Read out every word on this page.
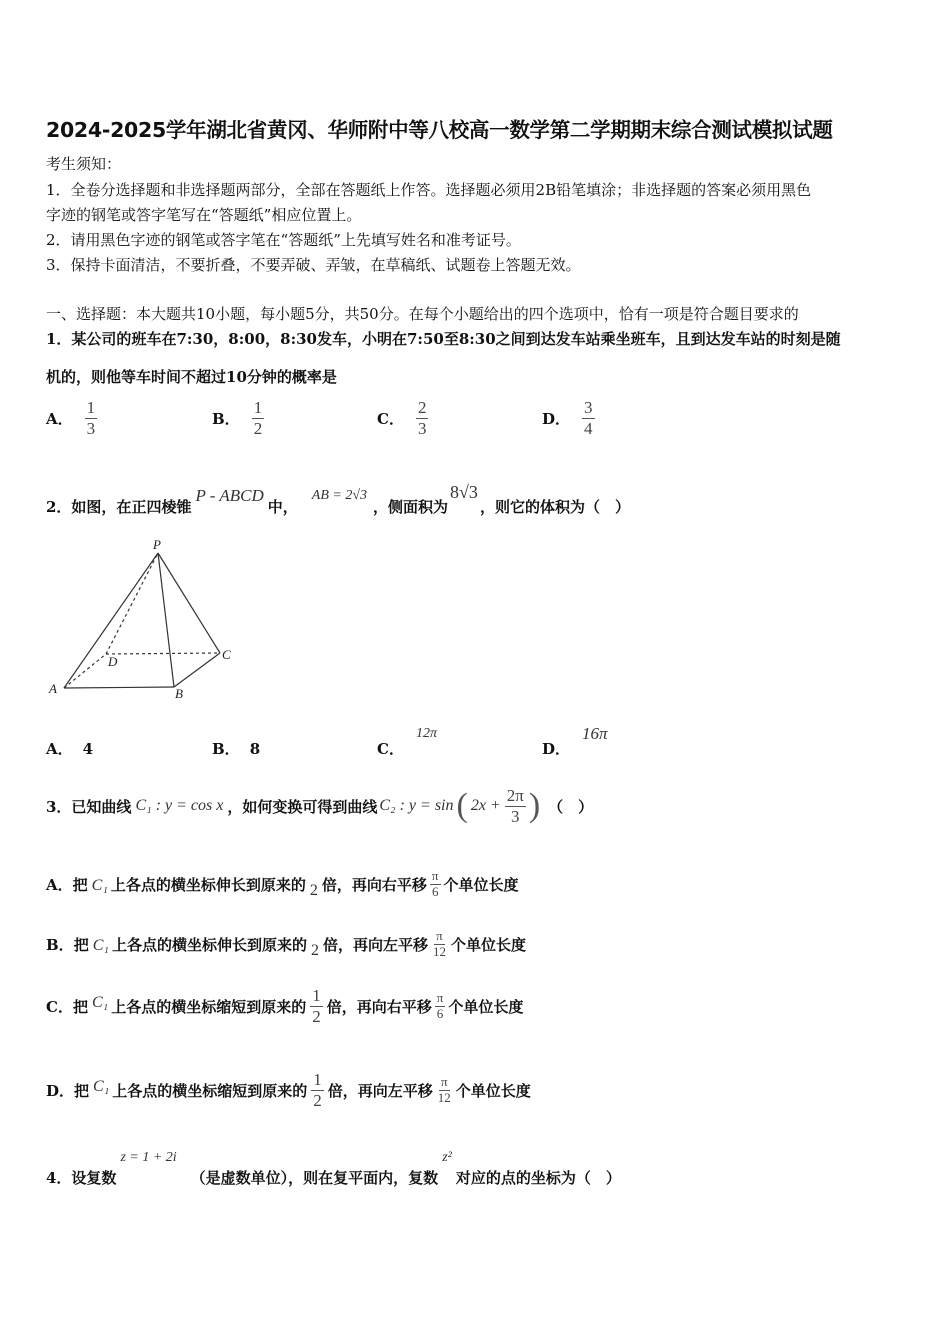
2024-2025学年湖北省黄冈、华师附中等八校高一数学第二学期期末综合测试模拟试题
考生须知：
1．全卷分选择题和非选择题两部分，全部在答题纸上作答。选择题必须用2B铅笔填涂；非选择题的答案必须用黑色
字迹的钢笔或答字笔写在“答题纸”相应位置上。
2．请用黑色字迹的钢笔或答字笔在“答题纸”上先填写姓名和准考证号。
3．保持卡面清洁，不要折叠，不要弄破、弄皱，在草稿纸、试题卷上答题无效。
一、选择题：本大题共10小题，每小题5分，共50分。在每个小题给出的四个选项中，恰有一项是符合题目要求的
1．某公司的班车在7:30，8:00，8:30发车，小明在7:50至8:30之间到达发车站乘坐班车，且到达发车站的时刻是随
机的，则他等车时间不超过10分钟的概率是
A． $\frac{1}{3}$	B． $\frac{1}{2}$	C． $\frac{2}{3}$	D． $\frac{3}{4}$
2．如图，在正四棱锥
P - ABCD
中，
AB = 2√3
，侧面积为
8√3
，则它的体积为（　）
P
A	B
C
D
A． 4	B． 8	C．
12π
D．
16π
3．已知曲线 C₁ : y = cos x ，如何变换可得到曲线 C₂ : y = sin ( $2x + \frac{2\pi}{3}$ ) （　）
A． 把 C₁ 上各点的横坐标伸长到原来的 2 倍，再向右平移 $\frac{\pi}{6}$ 个单位长度
B． 把 C₁ 上各点的横坐标伸长到原来的 2 倍，再向左平移 $\frac{\pi}{12}$ 个单位长度
C． 把 C₁ 上各点的横坐标缩短到原来的 $\frac{1}{2}$ 倍，再向右平移 $\frac{\pi}{6}$ 个单位长度
D． 把 C₁ 上各点的横坐标缩短到原来的 $\frac{1}{2}$ 倍，再向左平移 $\frac{\pi}{12}$ 个单位长度
4．设复数
z = 1 + 2i
（是虚数单位），则在复平面内，复数
z²
对应的点的坐标为（　）
